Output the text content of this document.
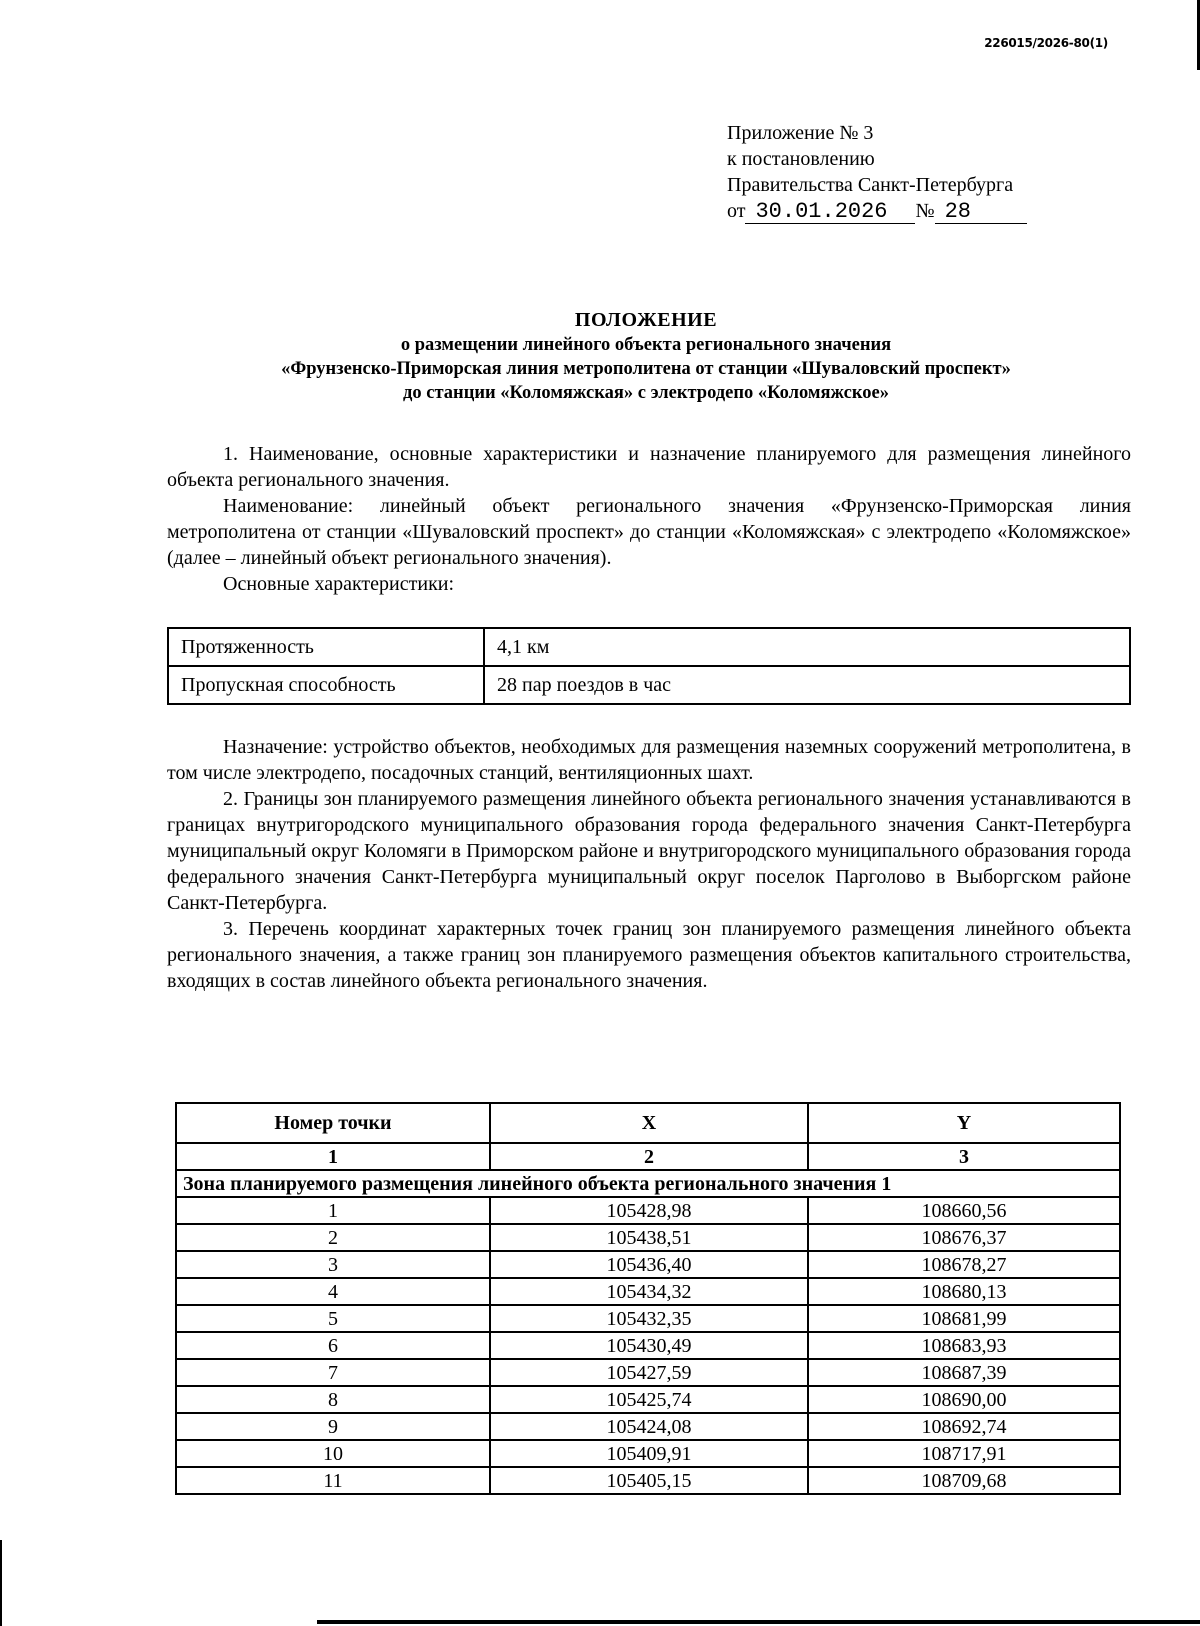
226015/2026-80(1)
Приложение № 3
к постановлению
Правительства Санкт-Петербурга
от 30.01.2026	№ 28
ПОЛОЖЕНИЕ
о размещении линейного объекта регионального значения
«Фрунзенско-Приморская линия метрополитена от станции «Шуваловский проспект»
до станции «Коломяжская» с электродепо «Коломяжское»

1. Наименование, основные характеристики и назначение планируемого для размещения линейного объекта регионального значения.

Наименование: линейный объект регионального значения «Фрунзенско-Приморская линия метрополитена от станции «Шуваловский проспект» до станции «Коломяжская» с электродепо «Коломяжское» (далее – линейный объект регионального значения).

Основные характеристики:

Протяженность	4,1 км
Пропускная способность	28 пар поездов в час

Назначение: устройство объектов, необходимых для размещения наземных сооружений метрополитена, в том числе электродепо, посадочных станций, вентиляционных шахт.

2. Границы зон планируемого размещения линейного объекта регионального значения устанавливаются в границах внутригородского муниципального образования города федерального значения Санкт-Петербурга муниципальный округ Коломяги в Приморском районе и внутригородского муниципального образования города федерального значения Санкт-Петербурга муниципальный округ поселок Парголово в Выборгском районе Санкт-Петербурга.

3. Перечень координат характерных точек границ зон планируемого размещения линейного объекта регионального значения, а также границ зон планируемого размещения объектов капитального строительства, входящих в состав линейного объекта регионального значения.

Номер точки	X	Y
1	2	3
Зона планируемого размещения линейного объекта регионального значения 1		
1	105428,98	108660,56
2	105438,51	108676,37
3	105436,40	108678,27
4	105434,32	108680,13
5	105432,35	108681,99
6	105430,49	108683,93
7	105427,59	108687,39
8	105425,74	108690,00
9	105424,08	108692,74
10	105409,91	108717,91
11	105405,15	108709,68
